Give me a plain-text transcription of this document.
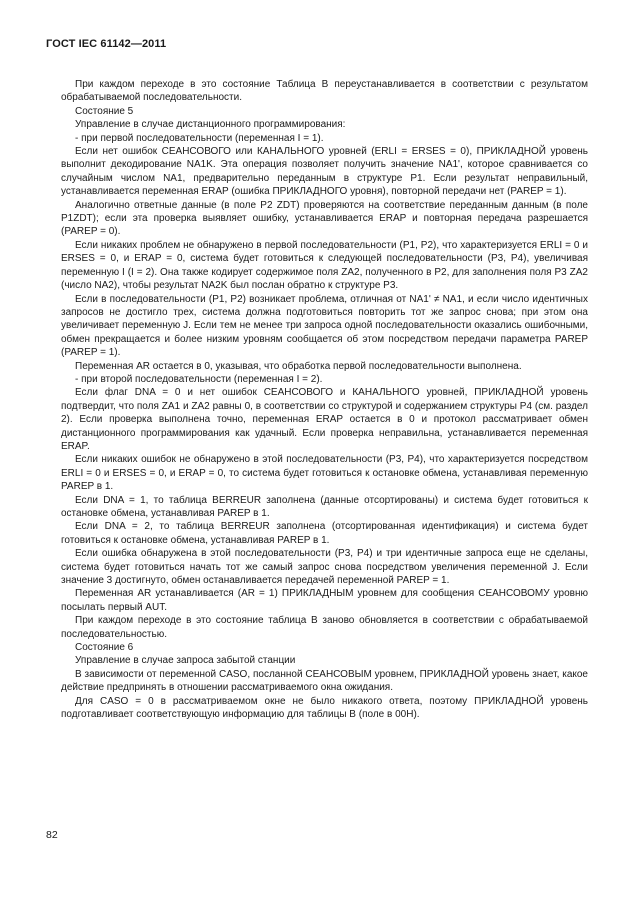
ГОСТ IEC 61142—2011

При каждом переходе в это состояние Таблица В переустанавливается в соответствии с результатом обрабатываемой последовательности.

Состояние 5

Управление в случае дистанционного программирования:

- при первой последовательности (переменная I = 1).

Если нет ошибок СЕАНСОВОГО или КАНАЛЬНОГО уровней (ERLI = ERSES = 0), ПРИКЛАДНОЙ уровень выполнит декодирование NA1K. Эта операция позволяет получить значение NA1', которое сравнивается со случайным числом NA1, предварительно переданным в структуре Р1. Если результат неправильный, устанавливается переменная ERAP (ошибка ПРИКЛАДНОГО уровня), повторной передачи нет (PAREP = 1).

Аналогично ответные данные (в поле P2 ZDT) проверяются на соответствие переданным данным (в поле P1ZDT); если эта проверка выявляет ошибку, устанавливается ERAP и повторная передача разрешается (PAREP = 0).

Если никаких проблем не обнаружено в первой последовательности (Р1, Р2), что характеризуется ERLI = 0 и ERSES = 0, и ERAP = 0, система будет готовиться к следующей последовательности (Р3, Р4), увеличивая переменную I (I = 2). Она также кодирует содержимое поля ZA2, полученного в Р2, для заполнения поля Р3 ZA2 (число NA2), чтобы результат NA2K был послан обратно к структуре Р3.

Если в последовательности (Р1, Р2) возникает проблема, отличная от NA1' ≠ NA1, и если число идентичных запросов не достигло трех, система должна подготовиться повторить тот же запрос снова; при этом она увеличивает переменную J. Если тем не менее три запроса одной последовательности оказались ошибочными, обмен прекращается и более низким уровням сообщается об этом посредством передачи параметра PAREP (PAREP = 1).

Переменная AR остается в 0, указывая, что обработка первой последовательности выполнена.

- при второй последовательности (переменная I = 2).

Если флаг DNA = 0 и нет ошибок СЕАНСОВОГО и КАНАЛЬНОГО уровней, ПРИКЛАДНОЙ уровень подтвердит, что поля ZA1 и ZA2 равны 0, в соответствии со структурой и содержанием структуры Р4 (см. раздел 2). Если проверка выполнена точно, переменная ERAP остается в 0 и протокол рассматривает обмен дистанционного программирования как удачный. Если проверка неправильна, устанавливается переменная ERAP.

Если никаких ошибок не обнаружено в этой последовательности (Р3, Р4), что характеризуется посредством ERLI = 0 и ERSES = 0, и ERAP = 0, то система будет готовиться к остановке обмена, устанавливая переменную PAREP в 1.

Если DNA = 1, то таблица BERREUR заполнена (данные отсортированы) и система будет готовиться к остановке обмена, устанавливая PAREP в 1.

Если DNA = 2, то таблица BERREUR заполнена (отсортированная идентификация) и система будет готовиться к остановке обмена, устанавливая PAREP в 1.

Если ошибка обнаружена в этой последовательности (Р3, Р4) и три идентичные запроса еще не сделаны, система будет готовиться начать тот же самый запрос снова посредством увеличения переменной J. Если значение 3 достигнуто, обмен останавливается передачей переменной PAREP = 1.

Переменная AR устанавливается (AR = 1) ПРИКЛАДНЫМ уровнем для сообщения СЕАНСОВОМУ уровню посылать первый AUT.

При каждом переходе в это состояние таблица В заново обновляется в соответствии с обрабатываемой последовательностью.

Состояние 6

Управление в случае запроса забытой станции

В зависимости от переменной CASO, посланной СЕАНСОВЫМ уровнем, ПРИКЛАДНОЙ уровень знает, какое действие предпринять в отношении рассматриваемого окна ожидания.

Для CASO = 0 в рассматриваемом окне не было никакого ответа, поэтому ПРИКЛАДНОЙ уровень подготавливает соответствующую информацию для таблицы В (поле в 00Н).

82
